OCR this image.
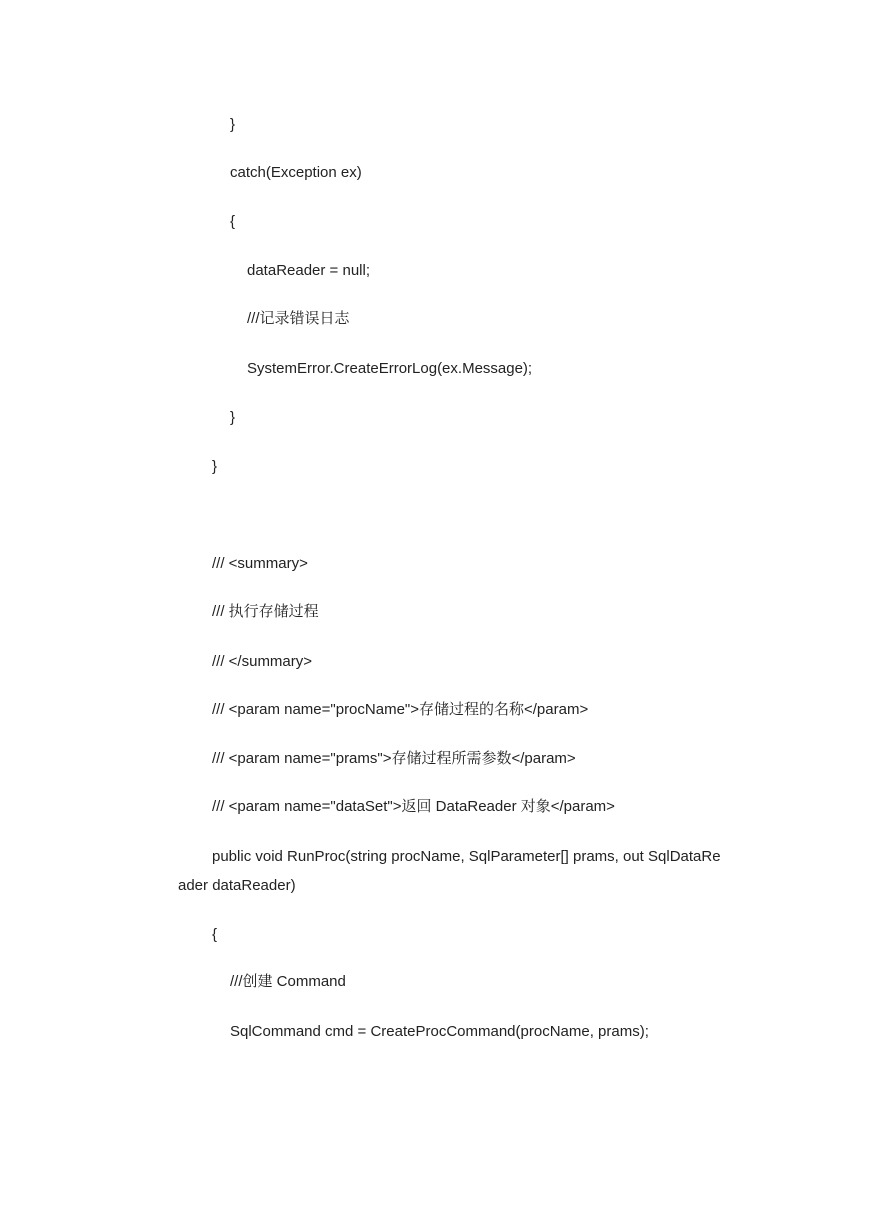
}
catch(Exception ex)
{
dataReader = null;
///记录错误日志
SystemError.CreateErrorLog(ex.Message);
}
}
/// <summary>
/// 执行存储过程
/// </summary>
/// <param name="procName">存储过程的名称</param>
/// <param name="prams">存储过程所需参数</param>
/// <param name="dataSet">返回 DataReader 对象</param>
public void RunProc(string procName, SqlParameter[] prams, out SqlDataRe
ader dataReader)
{
///创建 Command
SqlCommand cmd = CreateProcCommand(procName, prams);
